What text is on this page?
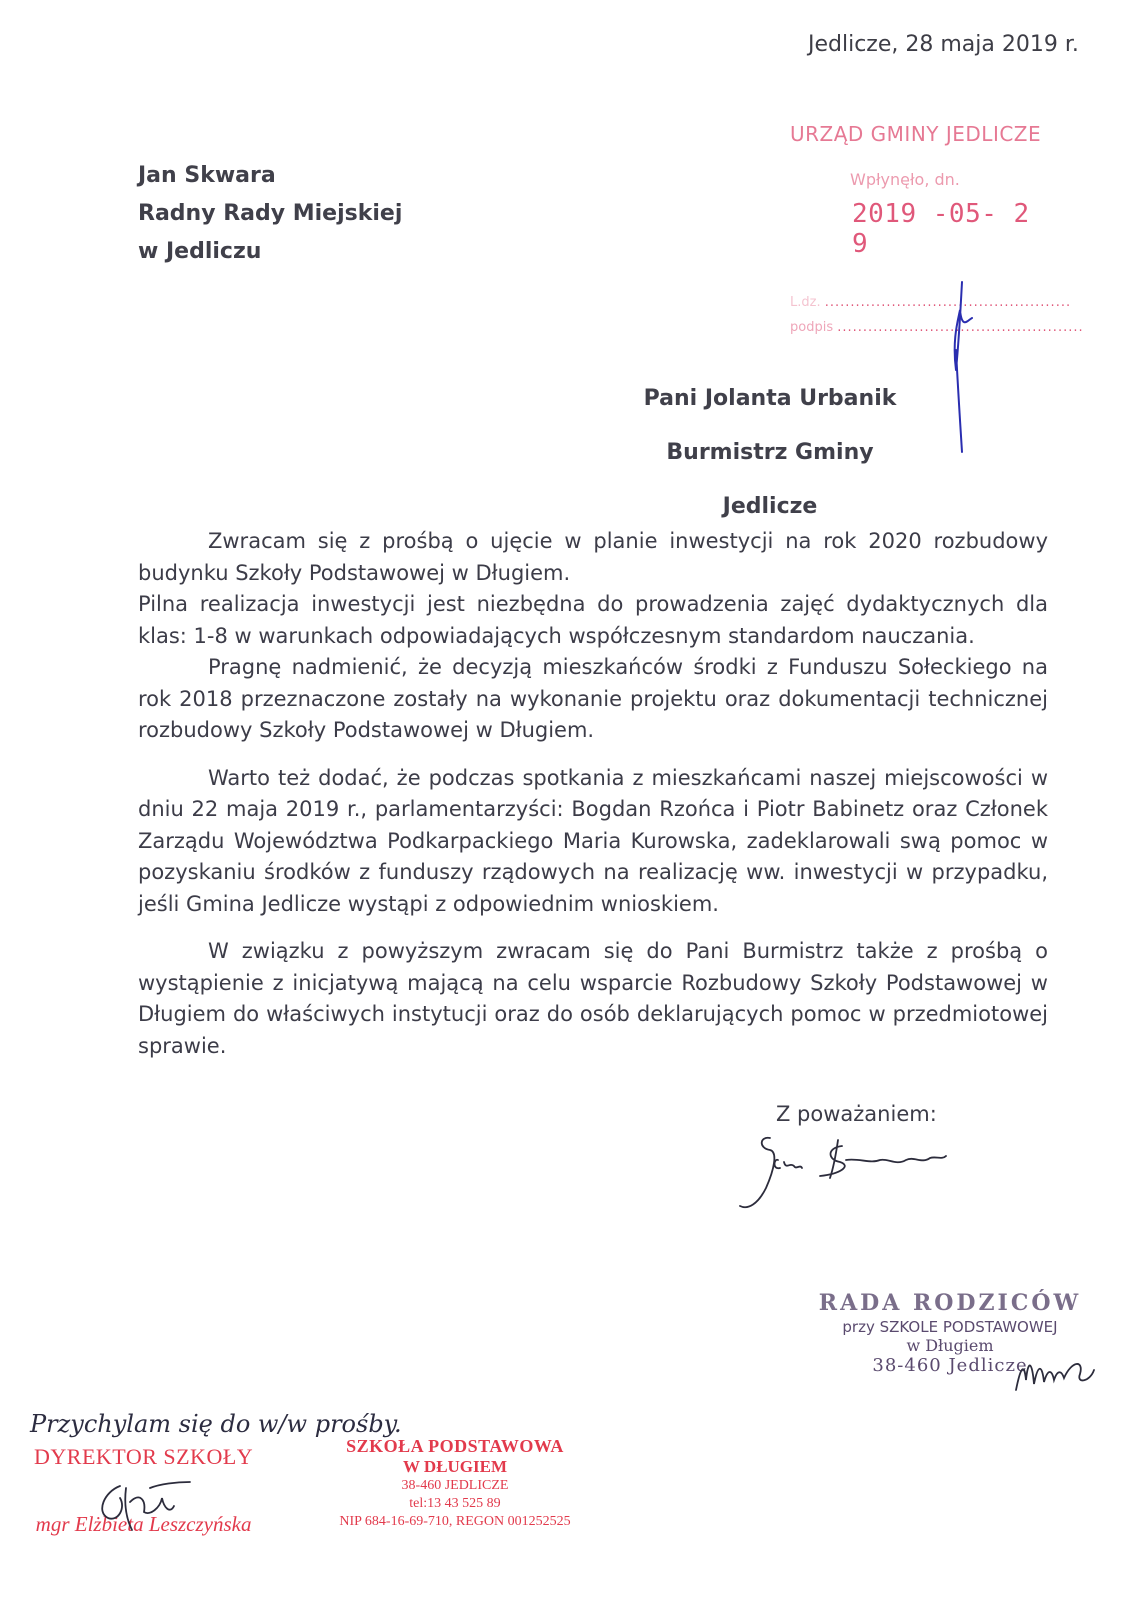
Jedlicze, 28 maja 2019 r.
Jan Skwara
Radny Rady Miejskiej
w Jedliczu
URZĄD GMINY JEDLICZE
Wpłynęło, dn.
2019 -05- 2 9
L.dz. ................................................
podpis ................................................
Pani Jolanta Urbanik
Burmistrz Gminy Jedlicze

Zwracam się z prośbą o ujęcie w planie inwestycji na rok 2020 rozbudowy budynku Szkoły Podstawowej w Długiem.

Pilna realizacja inwestycji jest niezbędna do prowadzenia zajęć dydaktycznych dla klas: 1-8 w warunkach odpowiadających współczesnym standardom nauczania.

Pragnę nadmienić, że decyzją mieszkańców środki z Funduszu Sołeckiego na rok 2018 przeznaczone zostały na wykonanie projektu oraz dokumentacji technicznej rozbudowy Szkoły Podstawowej w Długiem.

Warto też dodać, że podczas spotkania z mieszkańcami naszej miejscowości w dniu 22 maja 2019 r., parlamentarzyści: Bogdan Rzońca i Piotr Babinetz oraz Członek Zarządu Województwa Podkarpackiego Maria Kurowska, zadeklarowali swą pomoc w pozyskaniu środków z funduszy rządowych na realizację ww. inwestycji w przypadku, jeśli Gmina Jedlicze wystąpi z odpowiednim wnioskiem.

W związku z powyższym zwracam się do Pani Burmistrz także z prośbą o wystąpienie z inicjatywą mającą na celu wsparcie Rozbudowy Szkoły Podstawowej w Długiem do właściwych instytucji oraz do osób deklarujących pomoc w przedmiotowej sprawie.

Z poważaniem:
RADA RODZICÓW
przy SZKOLE PODSTAWOWEJ
w Długiem
38-460 Jedlicze
Przychylam się do w/w prośby.
DYREKTOR SZKOŁY
mgr Elżbieta Leszczyńska
SZKOŁA PODSTAWOWA
W DŁUGIEM
38-460 JEDLICZE
tel:13 43 525 89
NIP 684-16-69-710, REGON 001252525
